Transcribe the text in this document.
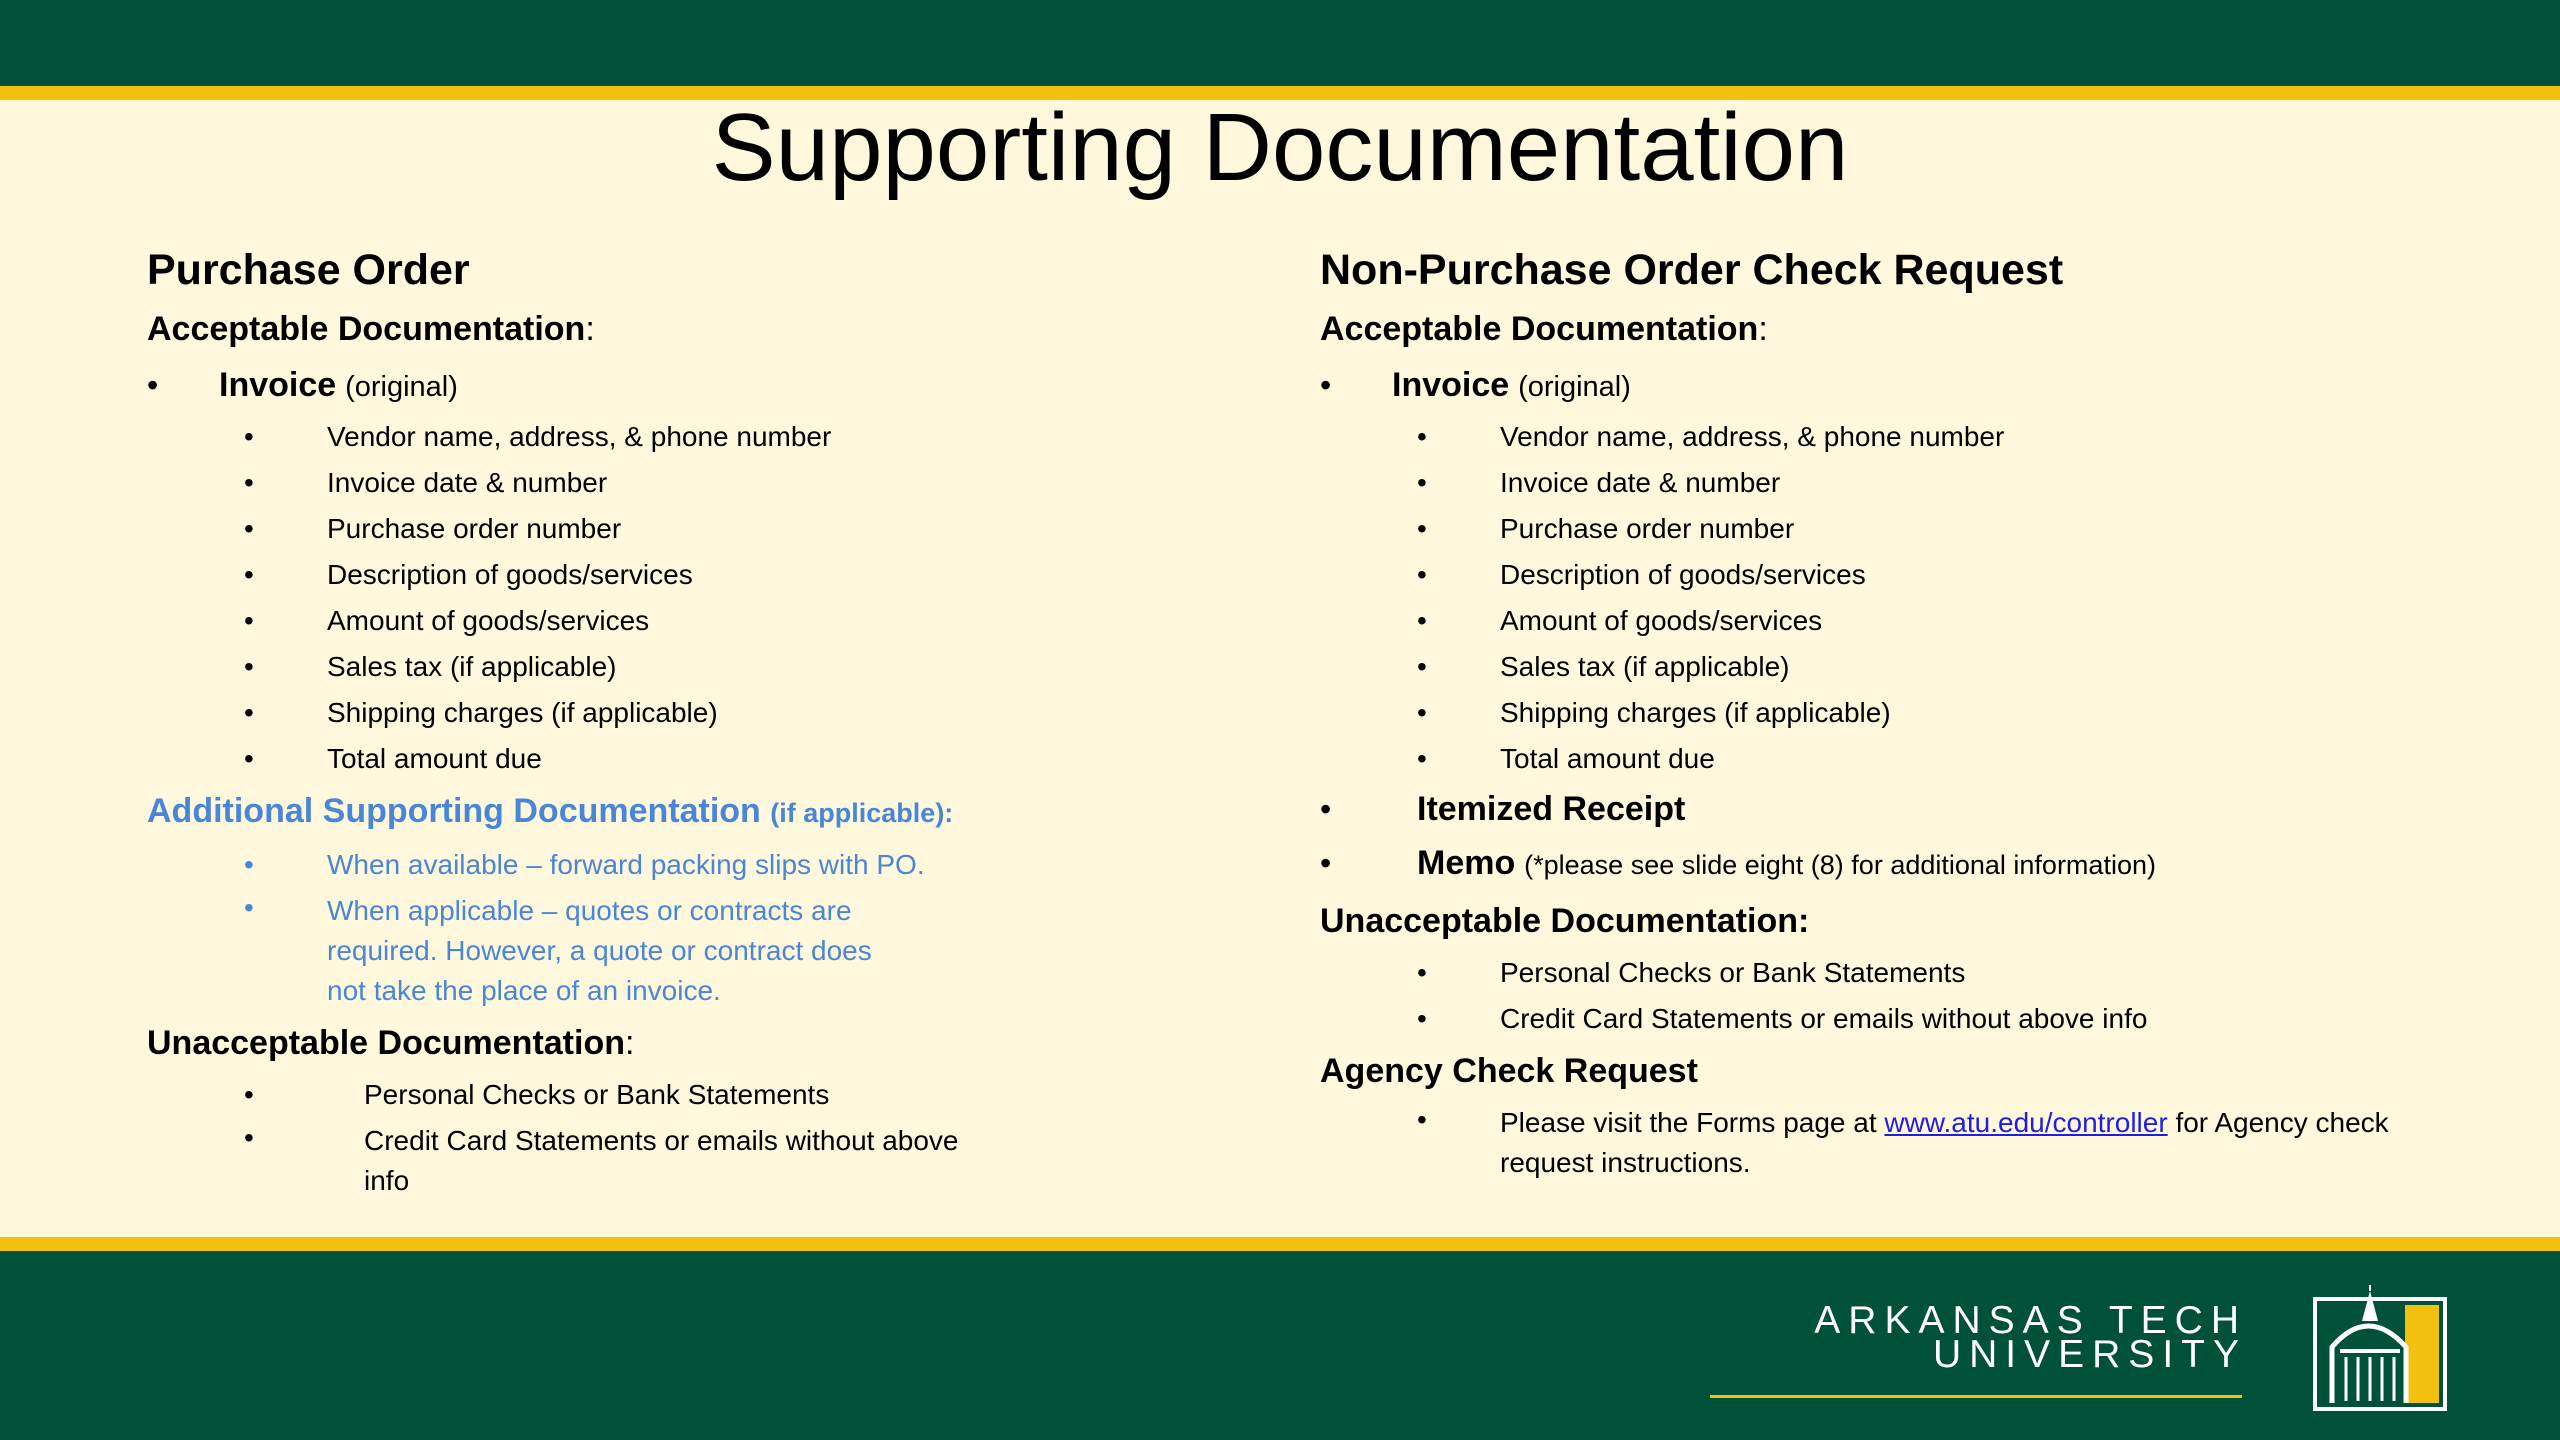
Supporting Documentation
Purchase Order
Acceptable Documentation:
• Invoice (original)
• Vendor name, address, & phone number
• Invoice date & number
• Purchase order number
• Description of goods/services
• Amount of goods/services
• Sales tax (if applicable)
• Shipping charges (if applicable)
• Total amount due
Additional Supporting Documentation (if applicable):
• When available – forward packing slips with PO.
• When applicable – quotes or contracts are required. However, a quote or contract does not take the place of an invoice.
Unacceptable Documentation:
• Personal Checks or Bank Statements
• Credit Card Statements or emails without above info
Non-Purchase Order Check Request
Acceptable Documentation:
• Invoice (original)
• Vendor name, address, & phone number
• Invoice date & number
• Purchase order number
• Description of goods/services
• Amount of goods/services
• Sales tax (if applicable)
• Shipping charges (if applicable)
• Total amount due
• Itemized Receipt
• Memo (*please see slide eight (8) for additional information)
Unacceptable Documentation:
• Personal Checks or Bank Statements
• Credit Card Statements or emails without above info
Agency Check Request
• Please visit the Forms page at www.atu.edu/controller for Agency check request instructions.
ARKANSAS TECH
UNIVERSITY
